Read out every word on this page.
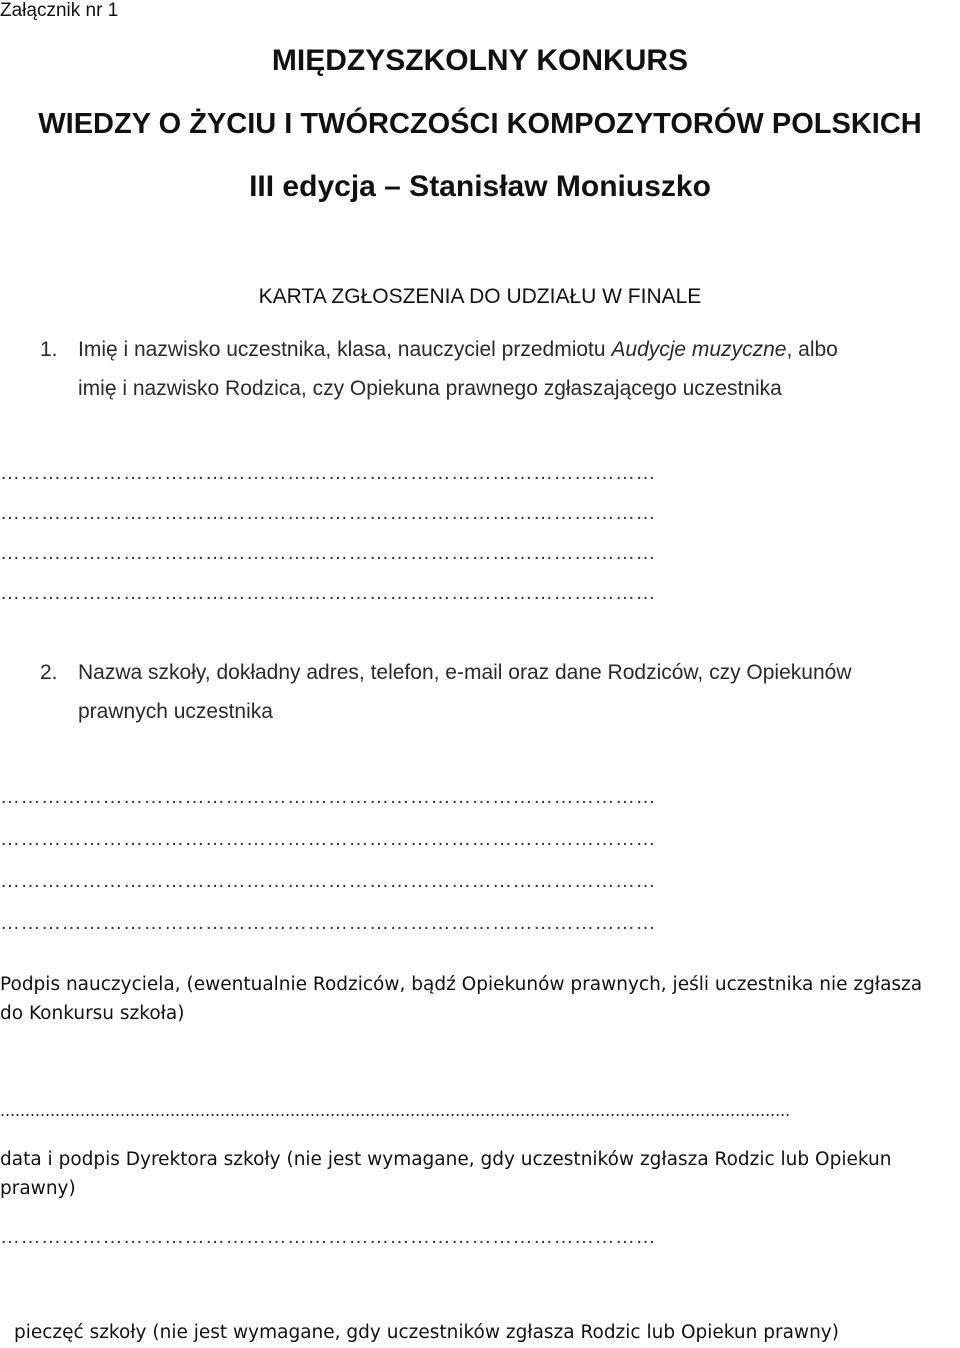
Załącznik nr 1
MIĘDZYSZKOLNY KONKURS
WIEDZY O ŻYCIU I TWÓRCZOŚCI KOMPOZYTORÓW POLSKICH
III edycja – Stanisław Moniuszko
KARTA ZGŁOSZENIA DO UDZIAŁU W FINALE
1. Imię i nazwisko uczestnika, klasa, nauczyciel przedmiotu Audycje muzyczne, albo
imię i nazwisko Rodzica, czy Opiekuna prawnego zgłaszającego uczestnika
……………………………………………………………………………………
……………………………………………………………………………………
……………………………………………………………………………………
……………………………………………………………………………………
2. Nazwa szkoły, dokładny adres, telefon, e-mail oraz dane Rodziców, czy Opiekunów
prawnych uczestnika
……………………………………………………………………………………
……………………………………………………………………………………
……………………………………………………………………………………
……………………………………………………………………………………
Podpis nauczyciela, (ewentualnie Rodziców, bądź Opiekunów prawnych, jeśli uczestnika nie zgłasza
do Konkursu szkoła)
..............................................................................................................................................................
data i podpis Dyrektora szkoły (nie jest wymagane, gdy uczestników zgłasza Rodzic lub Opiekun
prawny)
……………………………………………………………………………………
pieczęć szkoły (nie jest wymagane, gdy uczestników zgłasza Rodzic lub Opiekun prawny)
